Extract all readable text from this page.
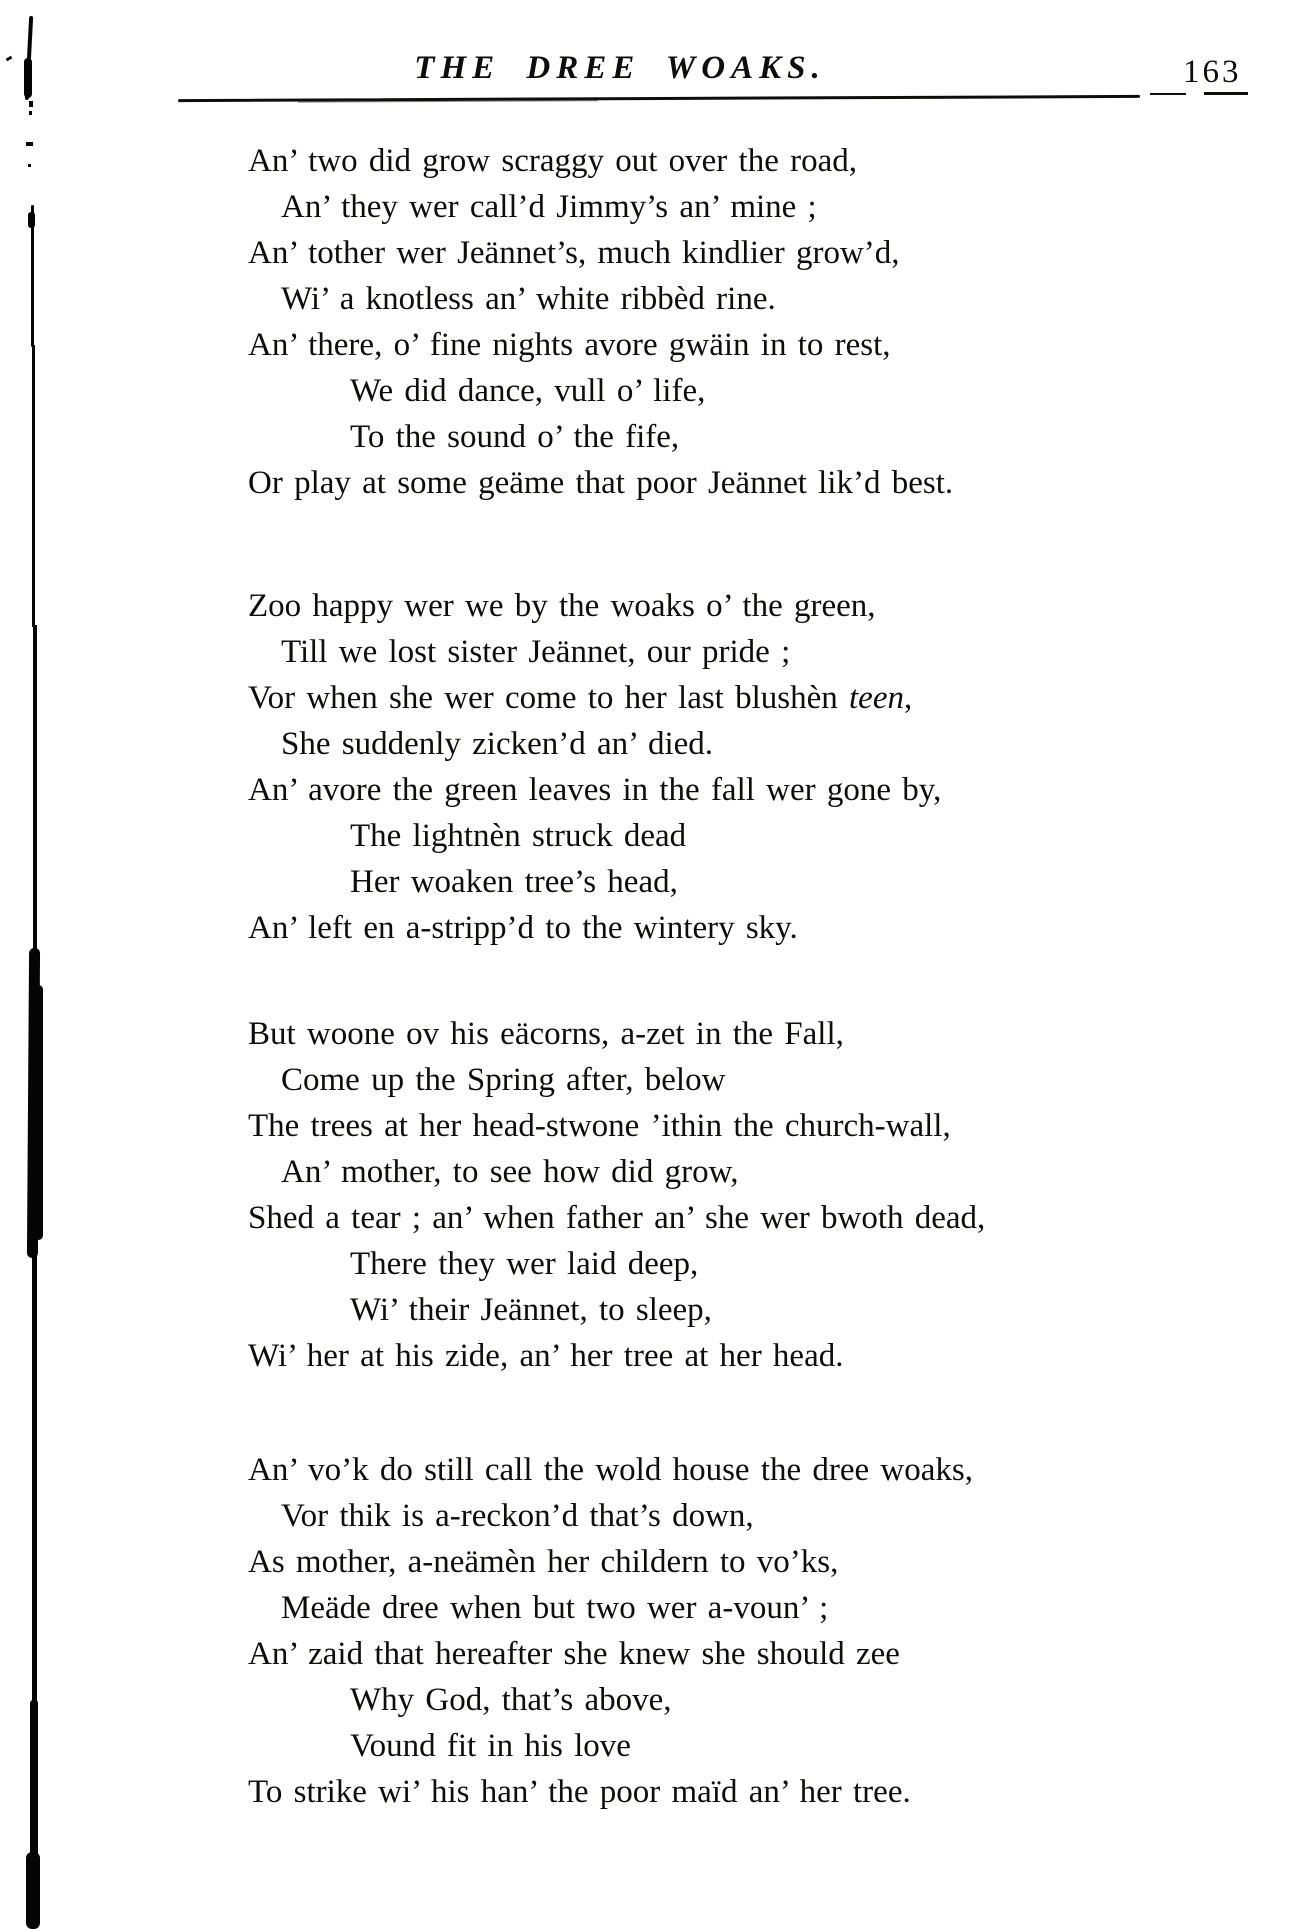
THE DREE WOAKS.	163
An’ two did grow scraggy out over the road,
An’ they wer call’d Jimmy’s an’ mine ;
An’ tother wer Jeännet’s, much kindlier grow’d,
Wi’ a knotless an’ white ribbèd rine.
An’ there, o’ fine nights avore gwäin in to rest,
We did dance, vull o’ life,
To the sound o’ the fife,
Or play at some geäme that poor Jeännet lik’d best.
Zoo happy wer we by the woaks o’ the green,
Till we lost sister Jeännet, our pride ;
Vor when she wer come to her last blushèn teen,
She suddenly zicken’d an’ died.
An’ avore the green leaves in the fall wer gone by,
The lightnèn struck dead
Her woaken tree’s head,
An’ left en a-stripp’d to the wintery sky.
But woone ov his eäcorns, a-zet in the Fall,
Come up the Spring after, below
The trees at her head-stwone ’ithin the church-wall,
An’ mother, to see how did grow,
Shed a tear ; an’ when father an’ she wer bwoth dead,
There they wer laid deep,
Wi’ their Jeännet, to sleep,
Wi’ her at his zide, an’ her tree at her head.
An’ vo’k do still call the wold house the dree woaks,
Vor thik is a-reckon’d that’s down,
As mother, a-neämèn her childern to vo’ks,
Meäde dree when but two wer a-voun’ ;
An’ zaid that hereafter she knew she should zee
Why God, that’s above,
Vound fit in his love
To strike wi’ his han’ the poor maïd an’ her tree.
